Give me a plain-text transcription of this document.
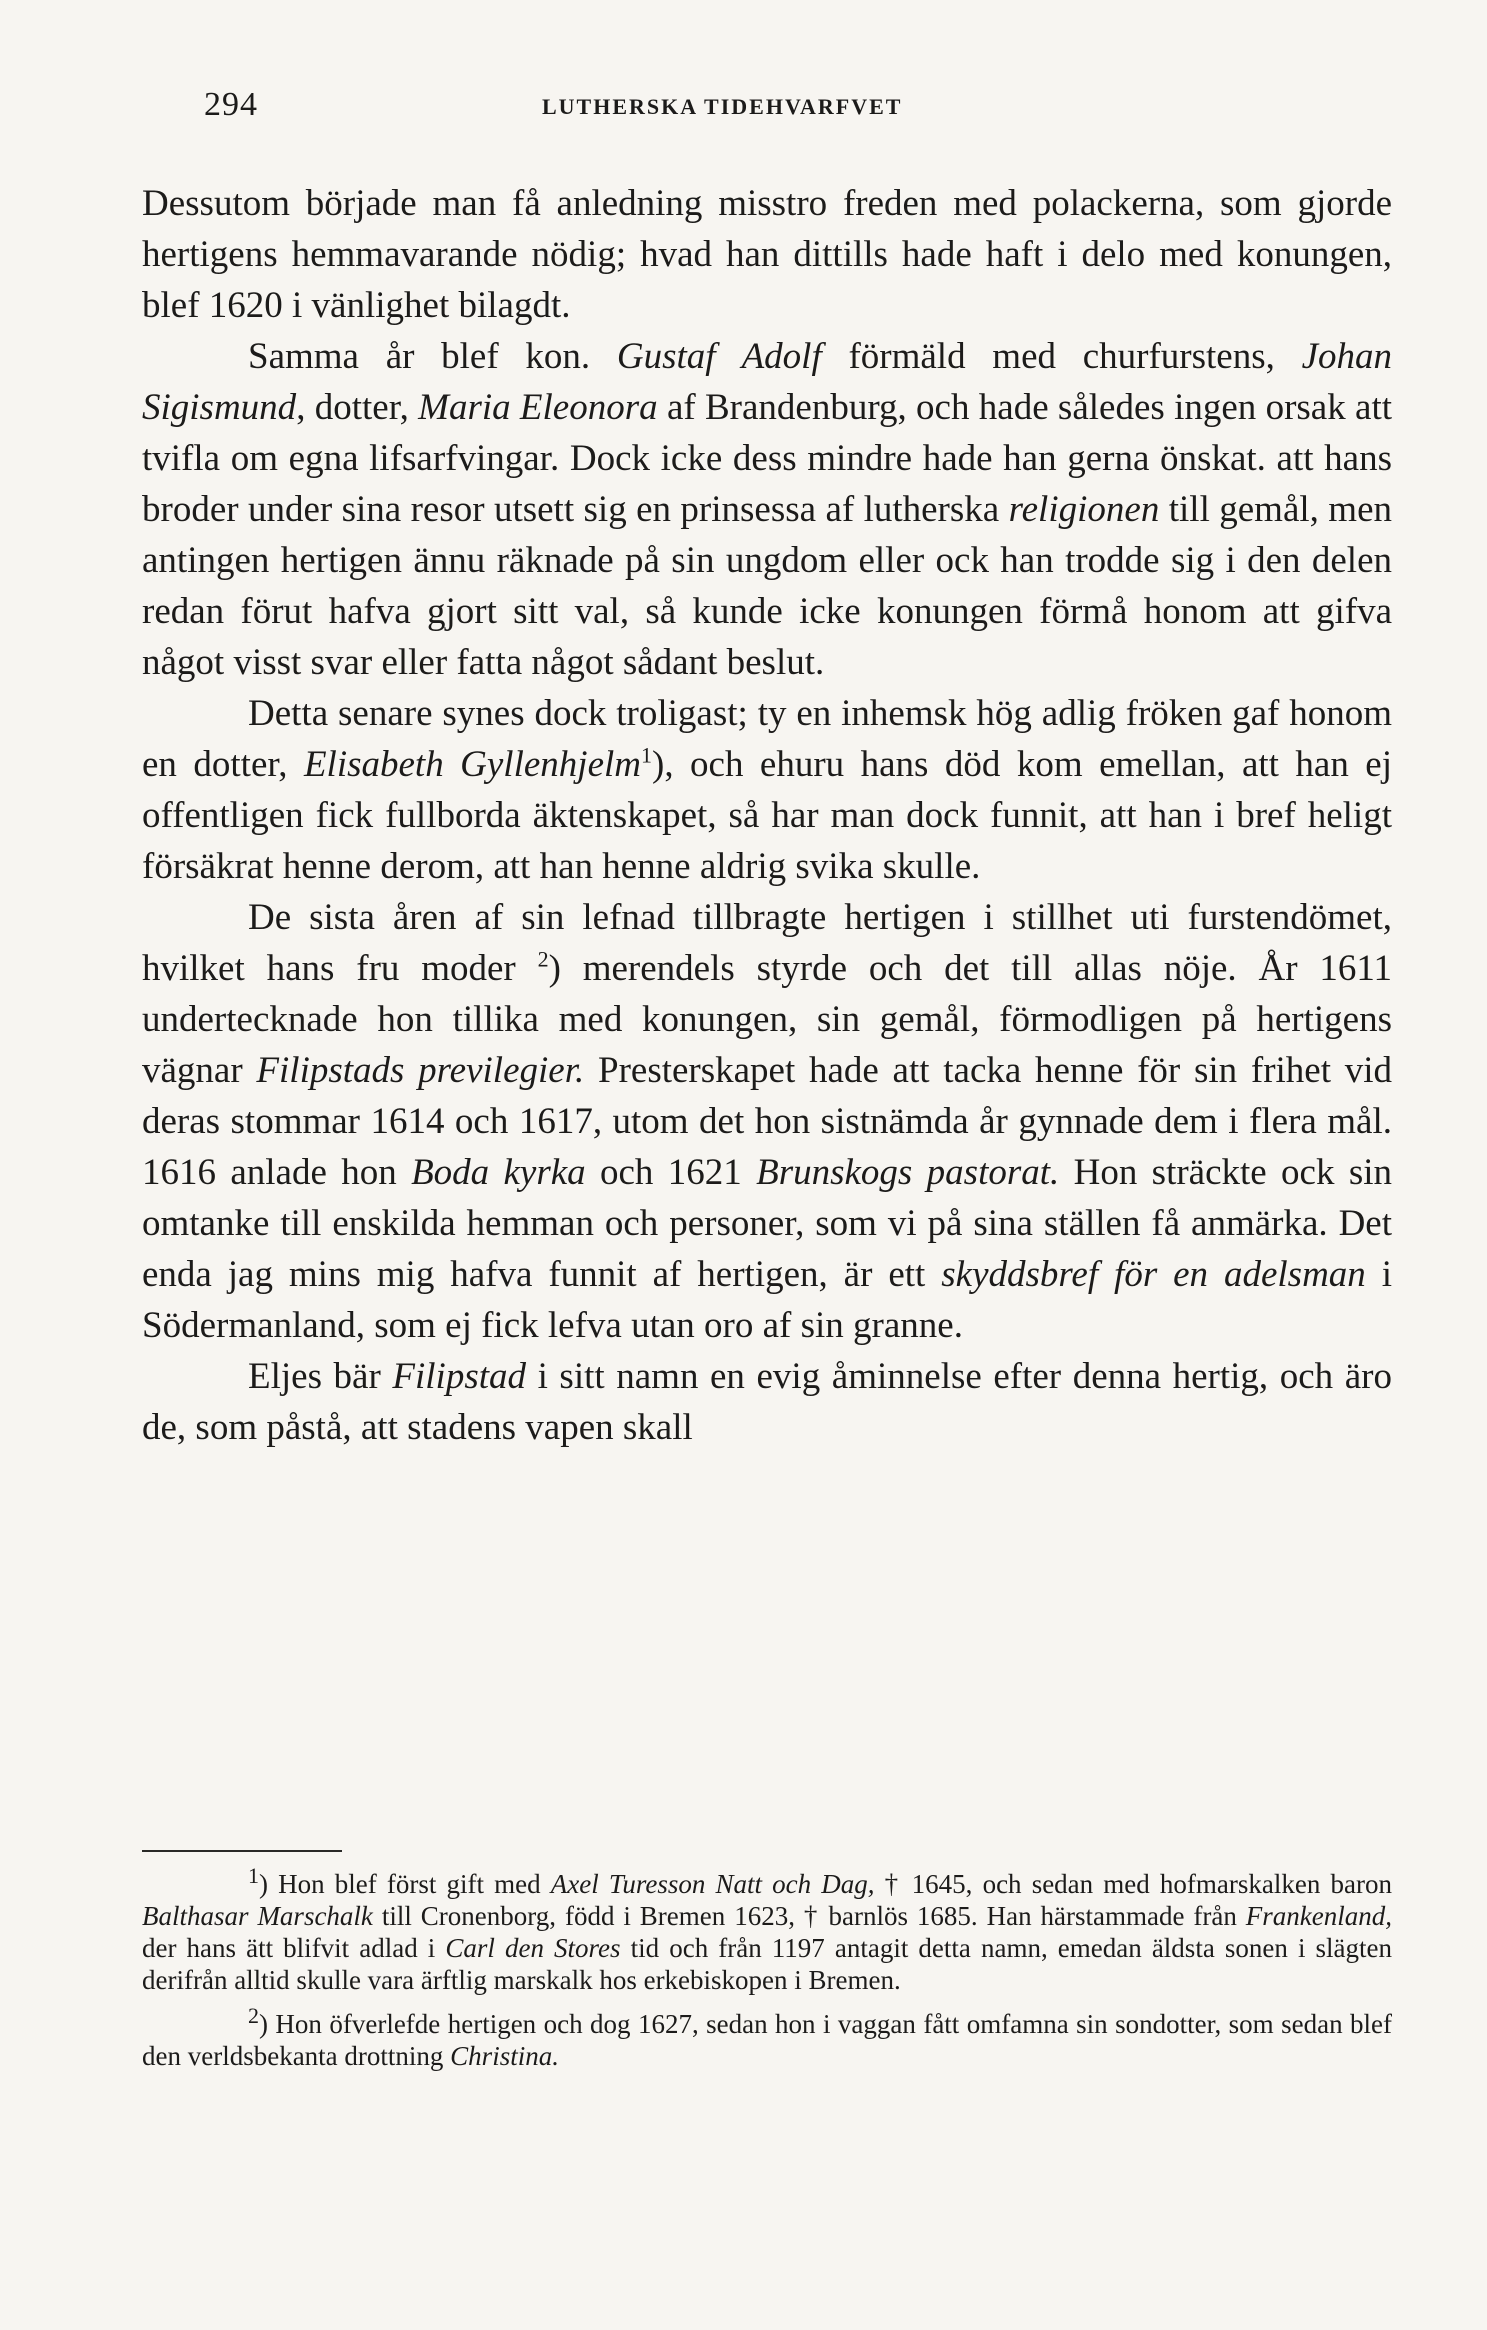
294	LUTHERSKA TIDEHVARFVET

Dessutom började man få anledning misstro freden med polackerna, som gjorde hertigens hemmavarande nödig; hvad han dittills hade haft i delo med konungen, blef 1620 i vänlighet bilagdt.

Samma år blef kon. Gustaf Adolf förmäld med churfurstens, Johan Sigismund, dotter, Maria Eleonora af Brandenburg, och hade således ingen orsak att tvifla om egna lifsarfvingar. Dock icke dess mindre hade han gerna önskat. att hans broder under sina resor utsett sig en prinsessa af lutherska religionen till gemål, men antingen hertigen ännu räknade på sin ungdom eller ock han trodde sig i den delen redan förut hafva gjort sitt val, så kunde icke konungen förmå honom att gifva något visst svar eller fatta något sådant beslut.

Detta senare synes dock troligast; ty en inhemsk hög adlig fröken gaf honom en dotter, Elisabeth Gyllenhjelm$^1$), och ehuru hans död kom emellan, att han ej offentligen fick fullborda äktenskapet, så har man dock funnit, att han i bref heligt försäkrat henne derom, att han henne aldrig svika skulle.

De sista åren af sin lefnad tillbragte hertigen i stillhet uti furstendömet, hvilket hans fru moder $^2$) merendels styrde och det till allas nöje. År 1611 undertecknade hon tillika med konungen, sin gemål, förmodligen på hertigens vägnar Filipstads previlegier. Presterskapet hade att tacka henne för sin frihet vid deras stommar 1614 och 1617, utom det hon sistnämda år gynnade dem i flera mål. 1616 anlade hon Boda kyrka och 1621 Brunskogs pastorat. Hon sträckte ock sin omtanke till enskilda hemman och personer, som vi på sina ställen få anmärka. Det enda jag mins mig hafva funnit af hertigen, är ett skyddsbref för en adelsman i Södermanland, som ej fick lefva utan oro af sin granne.

Eljes bär Filipstad i sitt namn en evig åminnelse efter denna hertig, och äro de, som påstå, att stadens vapen skall

$^1$) Hon blef först gift med Axel Turesson Natt och Dag, † 1645, och sedan med hofmarskalken baron Balthasar Marschalk till Cronenborg, född i Bremen 1623, † barnlös 1685. Han härstammade från Frankenland, der hans ätt blifvit adlad i Carl den Stores tid och från 1197 antagit detta namn, emedan äldsta sonen i slägten derifrån alltid skulle vara ärftlig marskalk hos erkebiskopen i Bremen.

$^2$) Hon öfverlefde hertigen och dog 1627, sedan hon i vaggan fått omfamna sin sondotter, som sedan blef den verldsbekanta drottning Christina.
